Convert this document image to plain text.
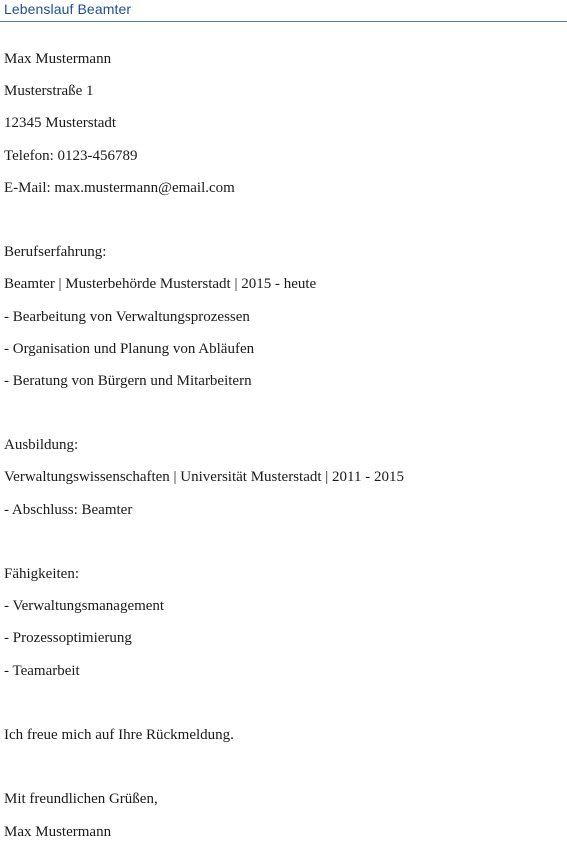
Lebenslauf Beamter
Max Mustermann
Musterstraße 1
12345 Musterstadt
Telefon: 0123-456789
E-Mail: max.mustermann@email.com
Berufserfahrung:
Beamter | Musterbehörde Musterstadt | 2015 - heute
- Bearbeitung von Verwaltungsprozessen
- Organisation und Planung von Abläufen
- Beratung von Bürgern und Mitarbeitern
Ausbildung:
Verwaltungswissenschaften | Universität Musterstadt | 2011 - 2015
- Abschluss: Beamter
Fähigkeiten:
- Verwaltungsmanagement
- Prozessoptimierung
- Teamarbeit
Ich freue mich auf Ihre Rückmeldung.
Mit freundlichen Grüßen,
Max Mustermann
